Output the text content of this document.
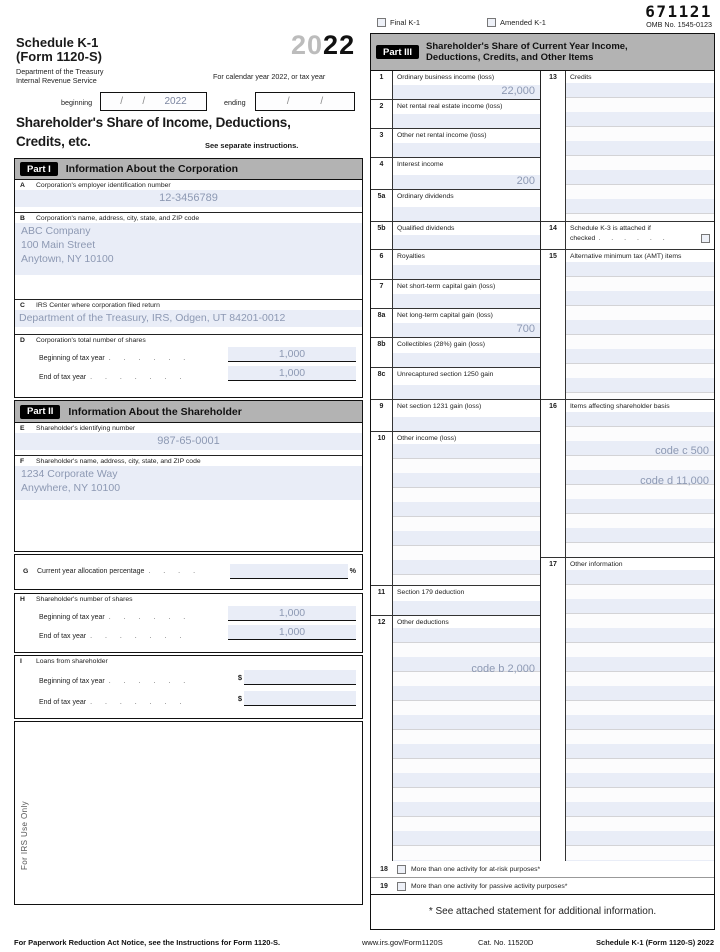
671121
Final K-1	Amended K-1	OMB No. 1545-0123
Schedule K-1
(Form 1120-S)
Department of the Treasury
Internal Revenue Service
2022
For calendar year 2022, or tax year
beginning	/ / 2022	ending	/	/
Shareholder's Share of Income, Deductions,
Credits, etc.	See separate instructions.
Part I	Information About the Corporation
A	Corporation's employer identification number
12-3456789
B	Corporation's name, address, city, state, and ZIP code
ABC Company
100 Main Street
Anytown, NY 10100
C	IRS Center where corporation filed return
Department of the Treasury, IRS, Odgen, UT 84201-0012
D	Corporation's total number of shares
Beginning of tax year . . . . . .	1,000
End of tax year . . . . . . .	1,000
Part II	Information About the Shareholder
E	Shareholder's identifying number
987-65-0001
F	Shareholder's name, address, city, state, and ZIP code
1234 Corporate Way
Anywhere, NY 10100
G	Current year allocation percentage . . . .	%
H	Shareholder's number of shares
Beginning of tax year . . . . . .	1,000
End of tax year . . . . . . .	1,000
I	Loans from shareholder
Beginning of tax year . . . . . .	$
End of tax year . . . . . . .	$
For IRS Use Only
Part III
Shareholder's Share of Current Year Income,
Deductions, Credits, and Other Items
1	Ordinary business income (loss)
22,000
2	Net rental real estate income (loss)
3	Other net rental income (loss)
4	Interest income
200
5a	Ordinary dividends
5b	Qualified dividends
6	Royalties
7	Net short-term capital gain (loss)
8a	Net long-term capital gain (loss)
700
8b	Collectibles (28%) gain (loss)
8c	Unrecaptured section 1250 gain
9	Net section 1231 gain (loss)
10	Other income (loss)
11	Section 179 deduction
12	Other deductions
code b 2,000
13	Credits
14	Schedule K-3 is attached if
checked . . . . . .
15	Alternative minimum tax (AMT) items
16	Items affecting shareholder basis
code c 500
code d 11,000
17	Other information
18	More than one activity for at-risk purposes*
19	More than one activity for passive activity purposes*
* See attached statement for additional information.
For Paperwork Reduction Act Notice, see the Instructions for Form 1120-S.	www.irs.gov/Form1120S	Cat. No. 11520D	Schedule K-1 (Form 1120-S) 2022
